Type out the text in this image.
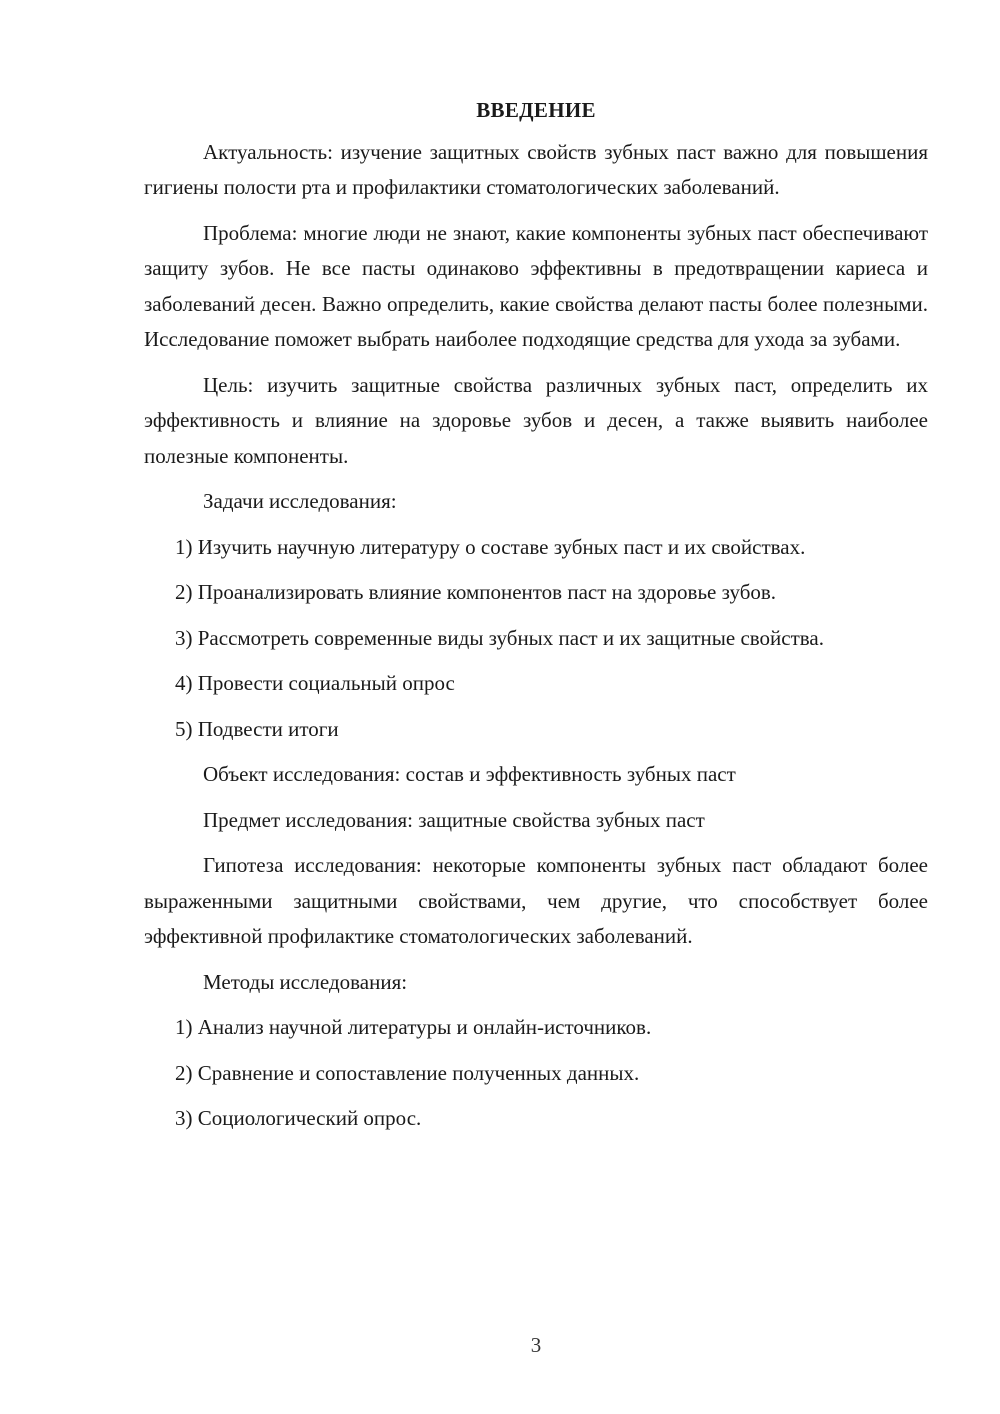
ВВЕДЕНИЕ
Актуальность: изучение защитных свойств зубных паст важно для повышения гигиены полости рта и профилактики стоматологических заболеваний.
Проблема: многие люди не знают, какие компоненты зубных паст обеспечивают защиту зубов. Не все пасты одинаково эффективны в предотвращении кариеса и заболеваний десен. Важно определить, какие свойства делают пасты более полезными. Исследование поможет выбрать наиболее подходящие средства для ухода за зубами.
Цель: изучить защитные свойства различных зубных паст, определить их эффективность и влияние на здоровье зубов и десен, а также выявить наиболее полезные компоненты.
Задачи исследования:
1) Изучить научную литературу о составе зубных паст и их свойствах.
2) Проанализировать влияние компонентов паст на здоровье зубов.
3) Рассмотреть современные виды зубных паст и их защитные свойства.
4) Провести социальный опрос
5) Подвести итоги
Объект исследования: состав и эффективность зубных паст
Предмет исследования: защитные свойства зубных паст
Гипотеза исследования: некоторые компоненты зубных паст обладают более выраженными защитными свойствами, чем другие, что способствует более эффективной профилактике стоматологических заболеваний.
Методы исследования:
1) Анализ научной литературы и онлайн-источников.
2) Сравнение и сопоставление полученных данных.
3) Социологический опрос.
3
